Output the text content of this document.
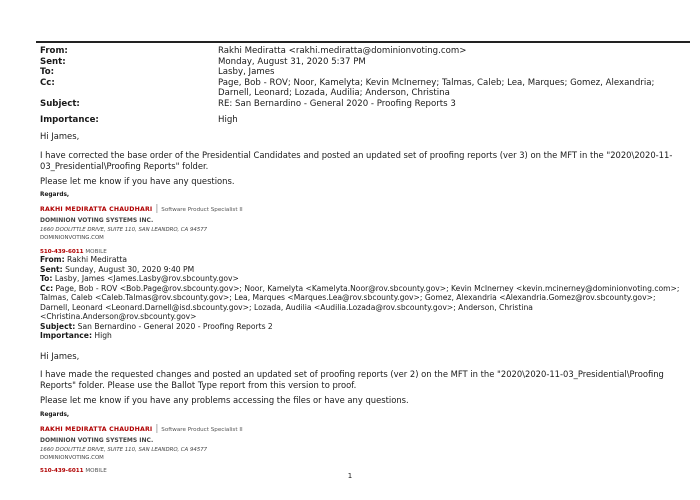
From:	Rakhi Mediratta <rakhi.mediratta@dominionvoting.com>
Sent:	Monday, August 31, 2020 5:37 PM
To:	Lasby, James
Cc:	Page, Bob - ROV; Noor, Kamelyta; Kevin McInerney; Talmas, Caleb; Lea, Marques; Gomez, Alexandria; Darnell, Leonard; Lozada, Audilia; Anderson, Christina
Subject:	RE: San Bernardino - General 2020 - Proofing Reports 3
Importance:	High
Hi James,
I have corrected the base order of the Presidential Candidates and posted an updated set of proofing reports (ver 3) on the MFT in the "2020\2020-11-03_Presidential\Proofing Reports" folder.
Please let me know if you have any questions.
Regards,
RAKHI MEDIRATTA CHAUDHARI | Software Product Specialist II
DOMINION VOTING SYSTEMS INC.
1660 DOOLITTLE DRIVE, SUITE 110, SAN LEANDRO, CA 94577
DOMINIONVOTING.COM
510-439-6011 MOBILE
From: Rakhi Mediratta
Sent: Sunday, August 30, 2020 9:40 PM
To: Lasby, James <James.Lasby@rov.sbcounty.gov>
Cc: Page, Bob - ROV <Bob.Page@rov.sbcounty.gov>; Noor, Kamelyta <Kamelyta.Noor@rov.sbcounty.gov>; Kevin McInerney <kevin.mcinerney@dominionvoting.com>; Talmas, Caleb <Caleb.Talmas@rov.sbcounty.gov>; Lea, Marques <Marques.Lea@rov.sbcounty.gov>; Gomez, Alexandria <Alexandria.Gomez@rov.sbcounty.gov>; Darnell, Leonard <Leonard.Darnell@isd.sbcounty.gov>; Lozada, Audilia <Audilia.Lozada@rov.sbcounty.gov>; Anderson, Christina <Christina.Anderson@rov.sbcounty.gov>
Subject: San Bernardino - General 2020 - Proofing Reports 2
Importance: High
Hi James,
I have made the requested changes and posted an updated set of proofing reports (ver 2) on the MFT in the "2020\2020-11-03_Presidential\Proofing Reports" folder. Please use the Ballot Type report from this version to proof.
Please let me know if you have any problems accessing the files or have any questions.
Regards,
RAKHI MEDIRATTA CHAUDHARI | Software Product Specialist II
DOMINION VOTING SYSTEMS INC.
1660 DOOLITTLE DRIVE, SUITE 110, SAN LEANDRO, CA 94577
DOMINIONVOTING.COM
510-439-6011 MOBILE
1
